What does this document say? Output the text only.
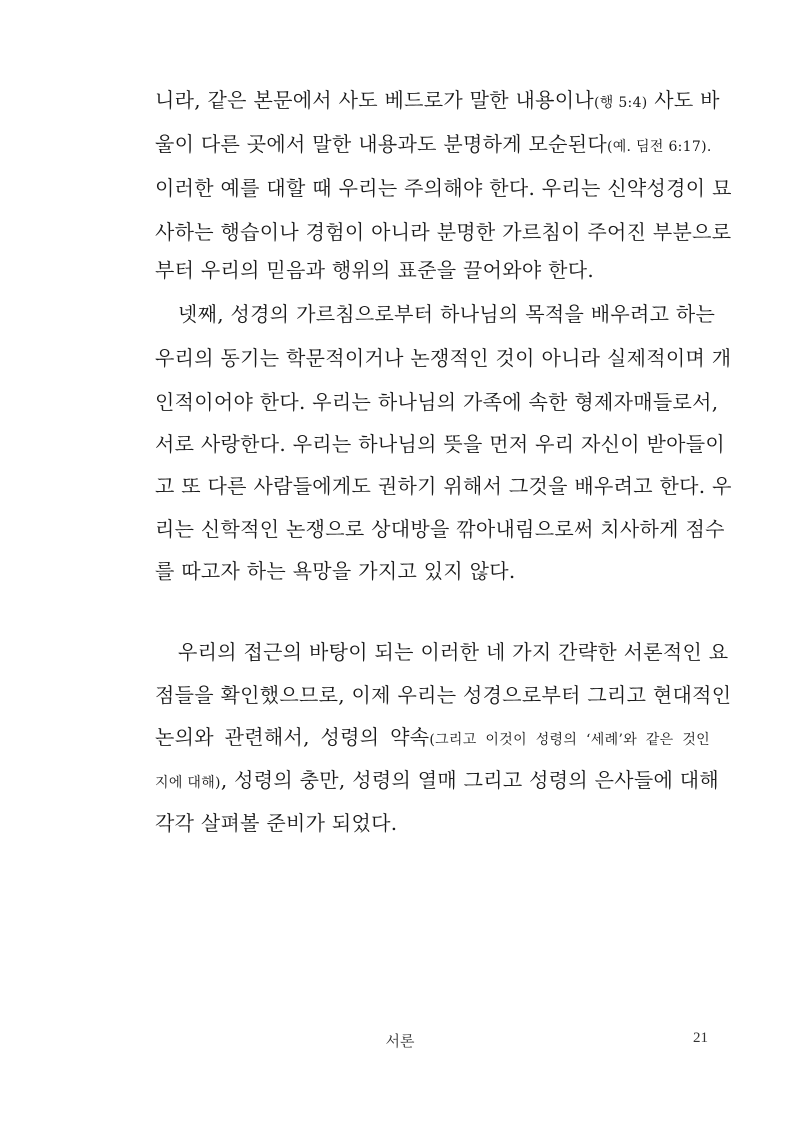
니라, 같은 본문에서 사도 베드로가 말한 내용이나(행 5:4) 사도 바
울이 다른 곳에서 말한 내용과도 분명하게 모순된다(예. 딤전 6:17).
이러한 예를 대할 때 우리는 주의해야 한다. 우리는 신약성경이 묘
사하는 행습이나 경험이 아니라 분명한 가르침이 주어진 부분으로
부터 우리의 믿음과 행위의 표준을 끌어와야 한다.
넷째, 성경의 가르침으로부터 하나님의 목적을 배우려고 하는
우리의 동기는 학문적이거나 논쟁적인 것이 아니라 실제적이며 개
인적이어야 한다. 우리는 하나님의 가족에 속한 형제자매들로서,
서로 사랑한다. 우리는 하나님의 뜻을 먼저 우리 자신이 받아들이
고 또 다른 사람들에게도 권하기 위해서 그것을 배우려고 한다. 우
리는 신학적인 논쟁으로 상대방을 깎아내림으로써 치사하게 점수
를 따고자 하는 욕망을 가지고 있지 않다.
우리의 접근의 바탕이 되는 이러한 네 가지 간략한 서론적인 요
점들을 확인했으므로, 이제 우리는 성경으로부터 그리고 현대적인
논의와 관련해서, 성령의 약속(그리고 이것이 성령의 ‘세례’와 같은 것인
지에 대해), 성령의 충만, 성령의 열매 그리고 성령의 은사들에 대해
각각 살펴볼 준비가 되었다.
서론	21
